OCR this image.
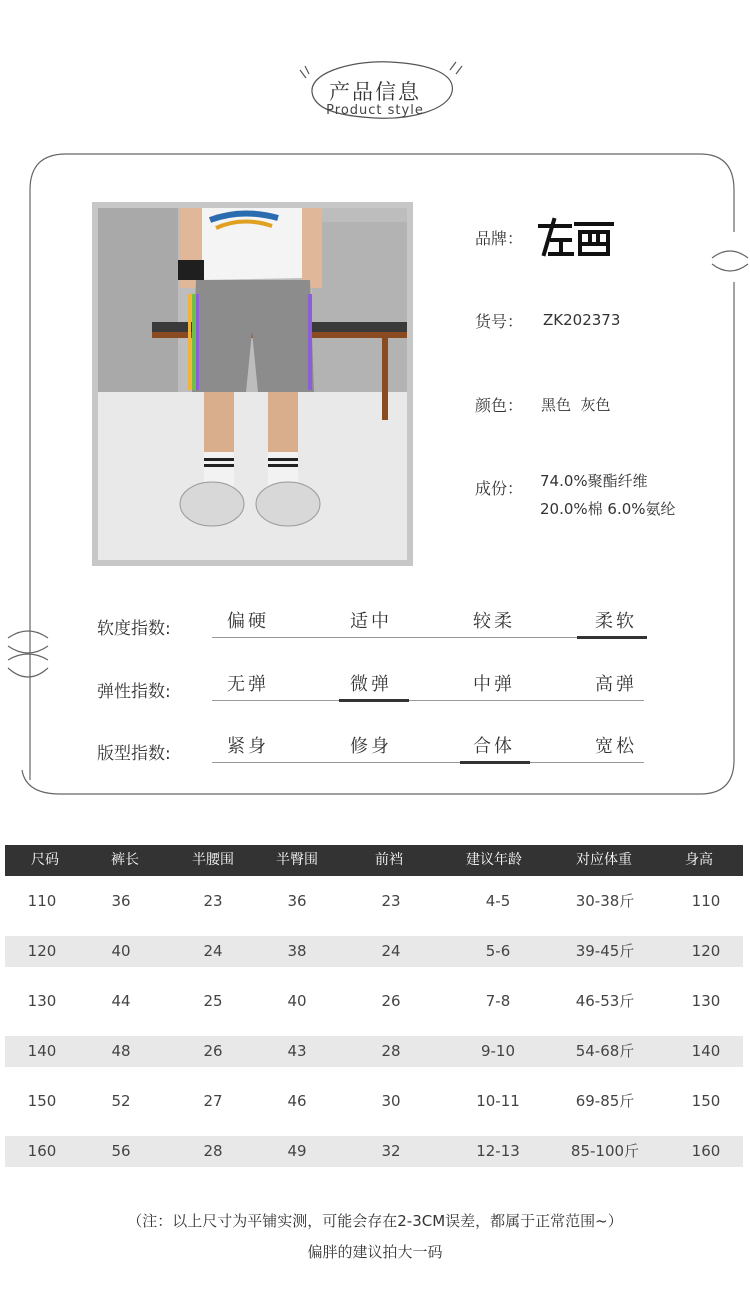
产品信息
Product style
品牌：
货号： ZK202373
颜色： 黑色  灰色
成份： 74.0%聚酯纤维
20.0%棉 6.0%氨纶
软度指数:	偏硬	适中	较柔	柔软
弹性指数:	无弹	微弹	中弹	高弹
版型指数:	紧身	修身	合体	宽松
尺码	裤长	半腰围	半臀围	前裆	建议年龄	对应体重	身高
110	36	23	36	23	4-5	30-38斤	110
120	40	24	38	24	5-6	39-45斤	120
130	44	25	40	26	7-8	46-53斤	130
140	48	26	43	28	9-10	54-68斤	140
150	52	27	46	30	10-11	69-85斤	150
160	56	28	49	32	12-13	85-100斤	160
（注：以上尺寸为平铺实测，可能会存在2-3CM误差，都属于正常范围~）
偏胖的建议拍大一码
